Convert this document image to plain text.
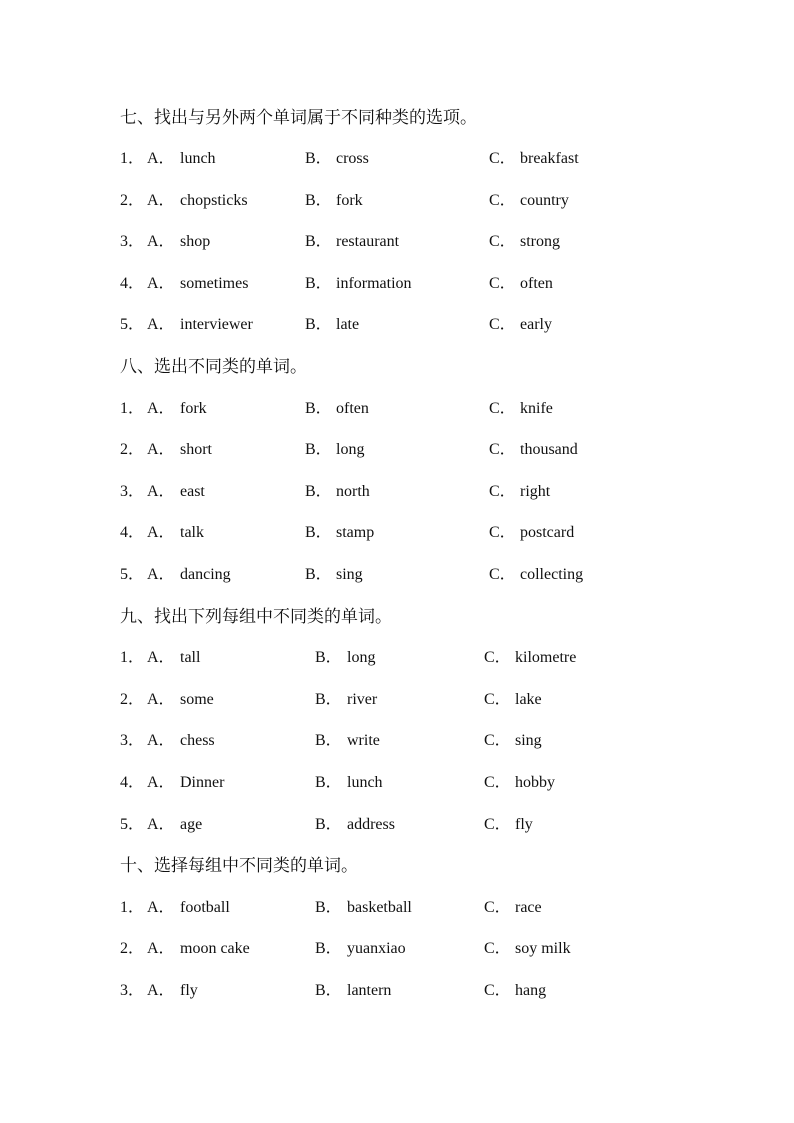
七、找出与另外两个单词属于不同种类的选项。
1． A． lunch	B． cross	C． breakfast
2． A． chopsticks	B． fork	C． country
3． A． shop	B． restaurant	C． strong
4． A． sometimes	B． information	C． often
5． A． interviewer	B． late	C． early
八、选出不同类的单词。
1． A． fork	B． often	C． knife
2． A． short	B． long	C． thousand
3． A． east	B． north	C． right
4． A． talk	B． stamp	C． postcard
5． A． dancing	B． sing	C． collecting
九、找出下列每组中不同类的单词。
1． A． tall	B． long	C． kilometre
2． A． some	B． river	C． lake
3． A． chess	B． write	C． sing
4． A． Dinner	B． lunch	C． hobby
5． A． age	B． address	C． fly
十、选择每组中不同类的单词。
1． A． football	B． basketball	C． race
2． A． moon cake	B． yuanxiao	C． soy milk
3． A． fly	B． lantern	C． hang
